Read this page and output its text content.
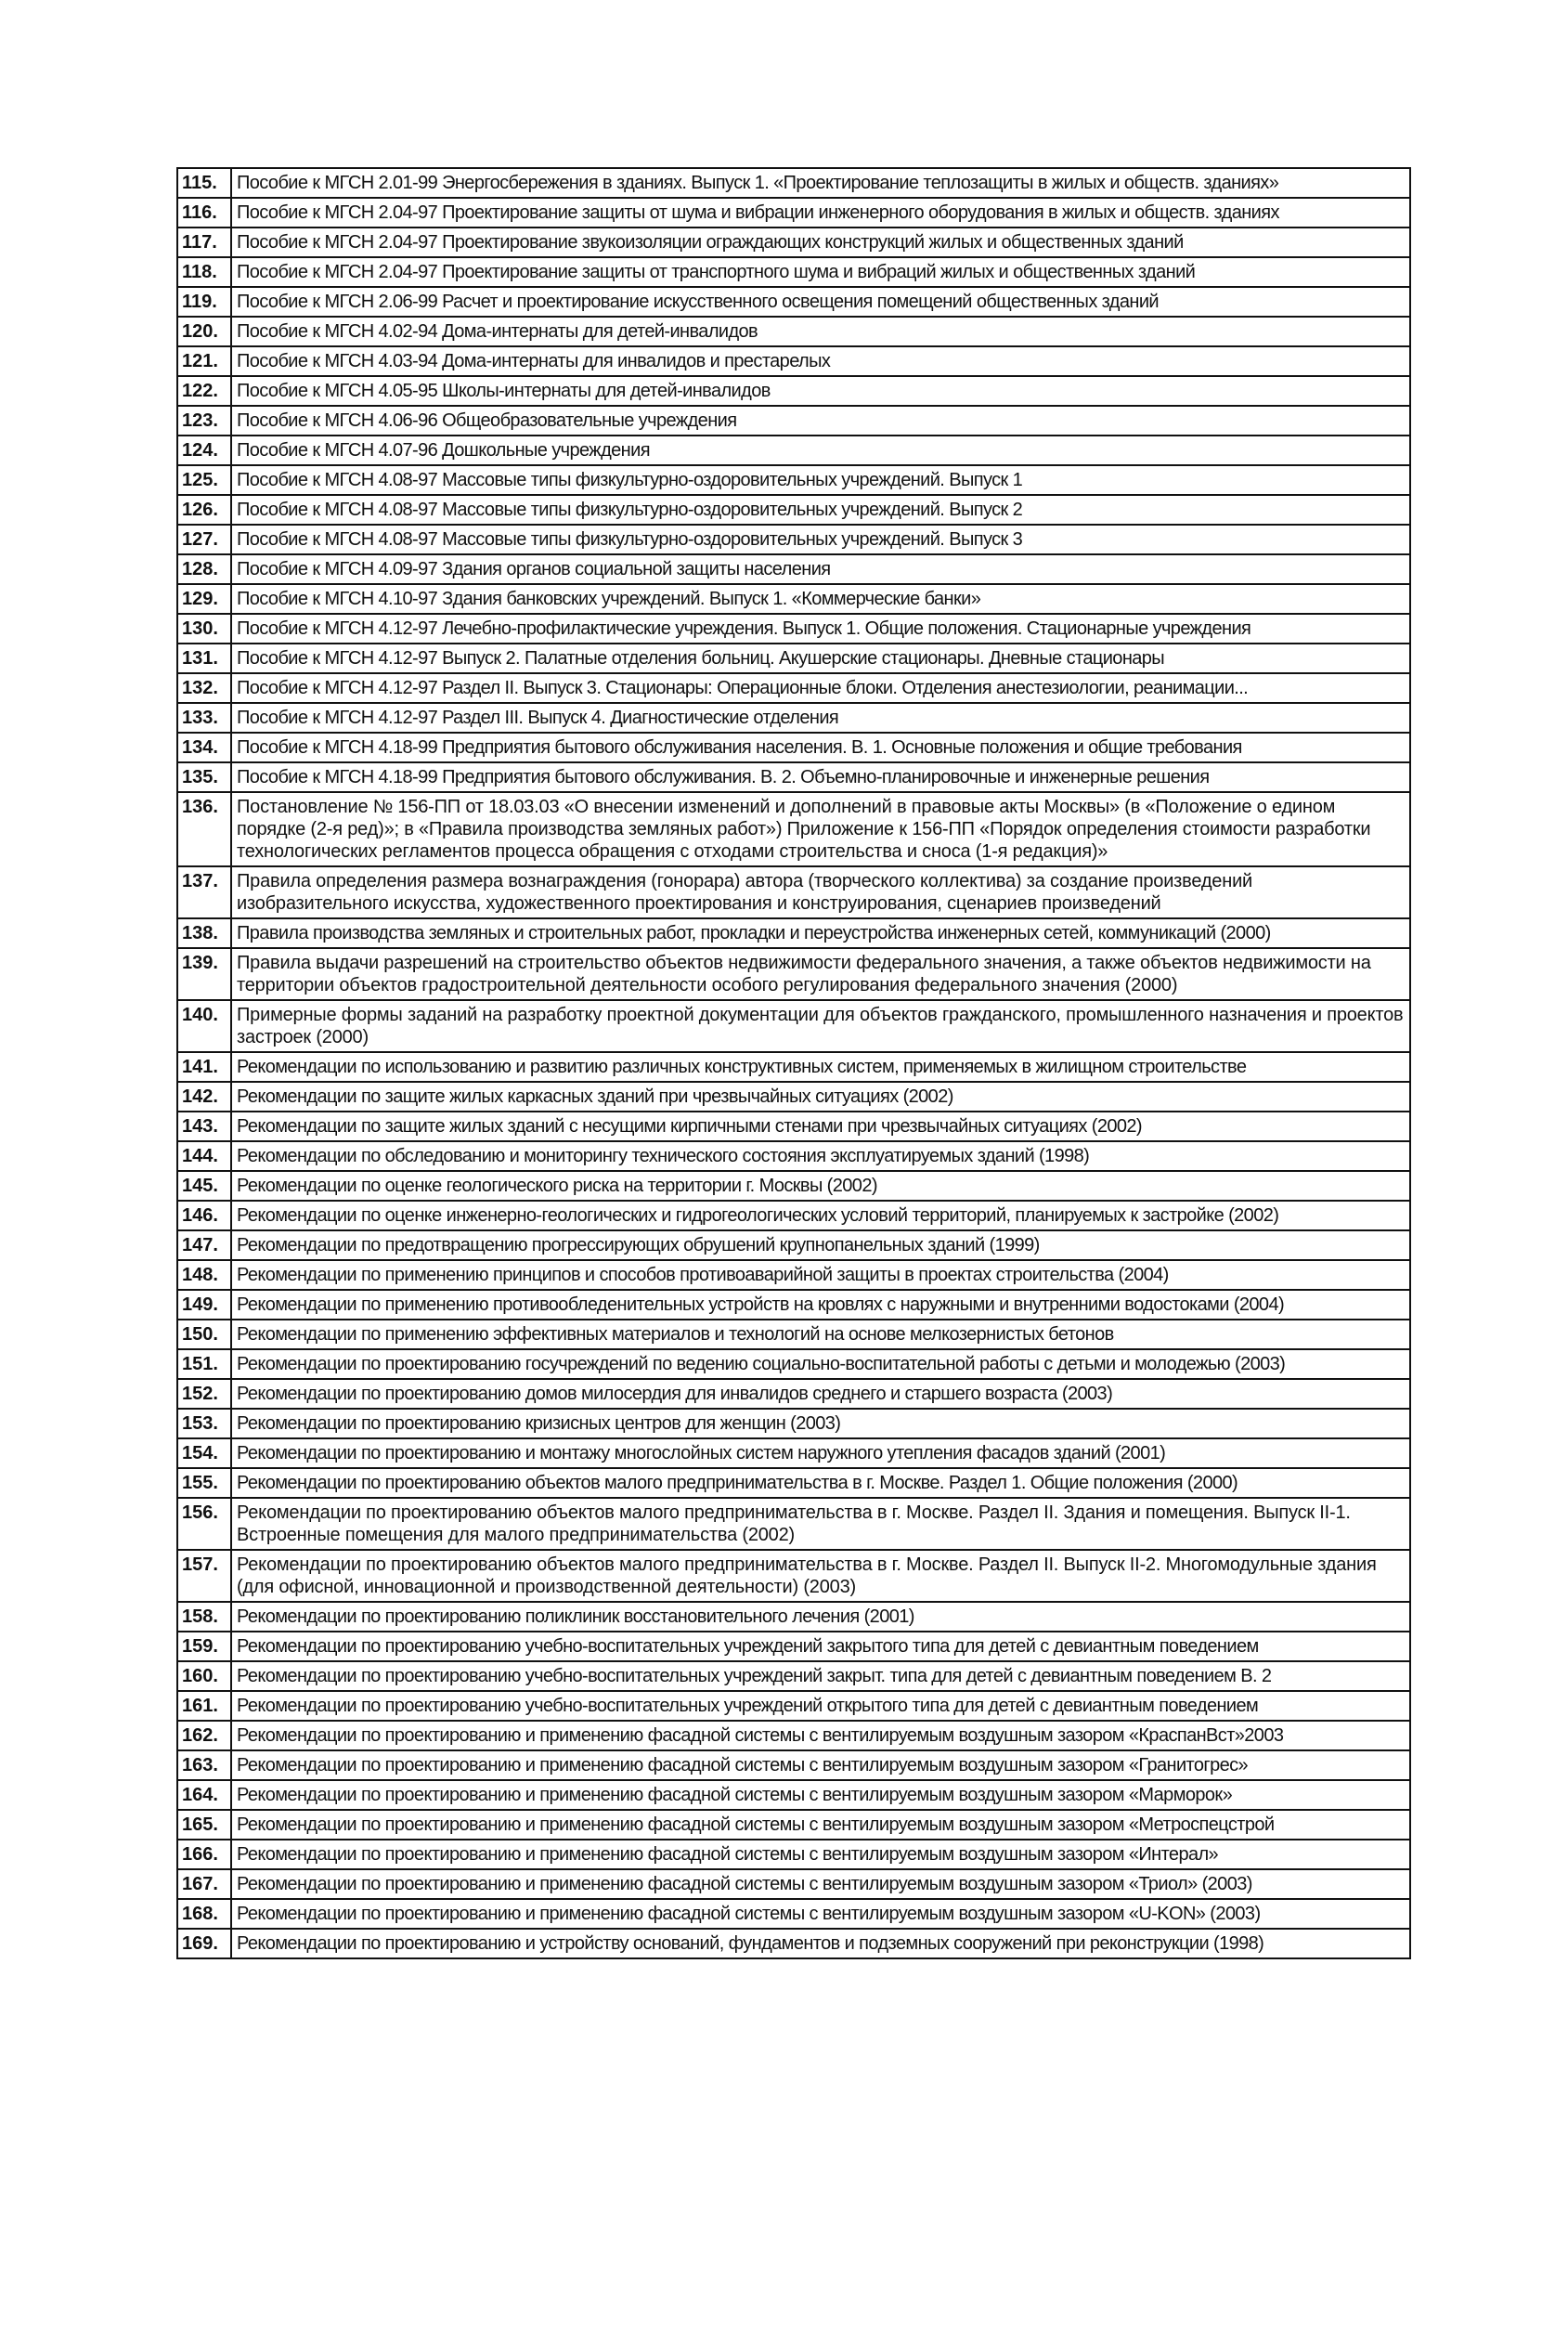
115.	Пособие к МГСН 2.01-99 Энергосбережения в зданиях. Выпуск 1. «Проектирование теплозащиты в жилых и обществ. зданиях»
116.	Пособие к МГСН 2.04-97 Проектирование защиты от шума и вибрации инженерного оборудования в жилых и обществ. зданиях
117.	Пособие к МГСН 2.04-97 Проектирование звукоизоляции ограждающих конструкций жилых и общественных зданий
118.	Пособие к МГСН 2.04-97 Проектирование защиты от транспортного шума и вибраций жилых и общественных зданий
119.	Пособие к МГСН 2.06-99 Расчет и проектирование искусственного освещения помещений общественных зданий
120.	Пособие к МГСН 4.02-94 Дома-интернаты для детей-инвалидов
121.	Пособие к МГСН 4.03-94 Дома-интернаты для инвалидов и престарелых
122.	Пособие к МГСН 4.05-95 Школы-интернаты для детей-инвалидов
123.	Пособие к МГСН 4.06-96 Общеобразовательные учреждения
124.	Пособие к МГСН 4.07-96 Дошкольные учреждения
125.	Пособие к МГСН 4.08-97 Массовые типы физкультурно-оздоровительных учреждений. Выпуск 1
126.	Пособие к МГСН 4.08-97 Массовые типы физкультурно-оздоровительных учреждений. Выпуск 2
127.	Пособие к МГСН 4.08-97 Массовые типы физкультурно-оздоровительных учреждений. Выпуск 3
128.	Пособие к МГСН 4.09-97 Здания органов социальной защиты населения
129.	Пособие к МГСН 4.10-97 Здания банковских учреждений. Выпуск 1. «Коммерческие банки»
130.	Пособие к МГСН 4.12-97 Лечебно-профилактические учреждения. Выпуск 1. Общие положения. Стационарные учреждения
131.	Пособие к МГСН 4.12-97 Выпуск 2. Палатные отделения больниц. Акушерские стационары. Дневные стационары
132.	Пособие к МГСН 4.12-97 Раздел II. Выпуск 3. Стационары: Операционные блоки. Отделения анестезиологии, реанимации...
133.	Пособие к МГСН 4.12-97 Раздел III. Выпуск 4. Диагностические отделения
134.	Пособие к МГСН 4.18-99 Предприятия бытового обслуживания населения. В. 1. Основные положения и общие требования
135.	Пособие к МГСН 4.18-99 Предприятия бытового обслуживания. В. 2. Объемно-планировочные и инженерные решения
136.	Постановление № 156-ПП от 18.03.03 «О внесении изменений и дополнений в правовые акты Москвы» (в «Положение о едином порядке (2-я ред)»; в «Правила производства земляных работ») Приложение к 156-ПП «Порядок определения стоимости разработки технологических регламентов процесса обращения с отходами строительства и сноса (1-я редакция)»
137.	Правила определения размера вознаграждения (гонорара) автора (творческого коллектива) за создание произведений изобразительного искусства, художественного проектирования и конструирования, сценариев произведений
138.	Правила производства земляных и строительных работ, прокладки и переустройства инженерных сетей, коммуникаций (2000)
139.	Правила выдачи разрешений на строительство объектов недвижимости федерального значения, а также объектов недвижимости на территории объектов градостроительной деятельности особого регулирования федерального значения (2000)
140.	Примерные формы заданий на разработку проектной документации для объектов гражданского, промышленного назначения и проектов застроек (2000)
141.	Рекомендации по использованию и развитию различных конструктивных систем, применяемых в жилищном строительстве
142.	Рекомендации по защите жилых каркасных зданий при чрезвычайных ситуациях (2002)
143.	Рекомендации по защите жилых зданий с несущими кирпичными стенами при чрезвычайных ситуациях (2002)
144.	Рекомендации по обследованию и мониторингу технического состояния эксплуатируемых зданий (1998)
145.	Рекомендации по оценке геологического риска на территории г. Москвы (2002)
146.	Рекомендации по оценке инженерно-геологических и гидрогеологических условий территорий, планируемых к застройке (2002)
147.	Рекомендации по предотвращению прогрессирующих обрушений крупнопанельных зданий (1999)
148.	Рекомендации по применению принципов и способов противоаварийной защиты в проектах строительства (2004)
149.	Рекомендации по применению противообледенительных устройств на кровлях с наружными и внутренними водостоками (2004)
150.	Рекомендации по применению эффективных материалов и технологий на основе мелкозернистых бетонов
151.	Рекомендации по проектированию госучреждений по ведению социально-воспитательной работы с детьми и молодежью (2003)
152.	Рекомендации по проектированию домов милосердия для инвалидов среднего и старшего возраста (2003)
153.	Рекомендации по проектированию кризисных центров для женщин (2003)
154.	Рекомендации по проектированию и монтажу многослойных систем наружного утепления фасадов зданий (2001)
155.	Рекомендации по проектированию объектов малого предпринимательства в г. Москве. Раздел 1. Общие положения (2000)
156.	Рекомендации по проектированию объектов малого предпринимательства в г. Москве. Раздел II. Здания и помещения. Выпуск II-1. Встроенные помещения для малого предпринимательства (2002)
157.	Рекомендации по проектированию объектов малого предпринимательства в г. Москве. Раздел II. Выпуск II-2. Многомодульные здания (для офисной, инновационной и производственной деятельности) (2003)
158.	Рекомендации по проектированию поликлиник восстановительного лечения (2001)
159.	Рекомендации по проектированию учебно-воспитательных учреждений закрытого типа для детей с девиантным поведением
160.	Рекомендации по проектированию учебно-воспитательных учреждений закрыт. типа для детей с девиантным поведением В. 2
161.	Рекомендации по проектированию учебно-воспитательных учреждений открытого типа для детей с девиантным поведением
162.	Рекомендации по проектированию и применению фасадной системы с вентилируемым воздушным зазором «КраспанВст»2003
163.	Рекомендации по проектированию и применению фасадной системы с вентилируемым воздушным зазором «Гранитогрес»
164.	Рекомендации по проектированию и применению фасадной системы с вентилируемым воздушным зазором «Марморок»
165.	Рекомендации по проектированию и применению фасадной системы с вентилируемым воздушным зазором «Метроспецстрой
166.	Рекомендации по проектированию и применению фасадной системы с вентилируемым воздушным зазором «Интерал»
167.	Рекомендации по проектированию и применению фасадной системы с вентилируемым воздушным зазором «Триол» (2003)
168.	Рекомендации по проектированию и применению фасадной системы с вентилируемым воздушным зазором «U-KON» (2003)
169.	Рекомендации по проектированию и устройству оснований, фундаментов и подземных сооружений при реконструкции (1998)
